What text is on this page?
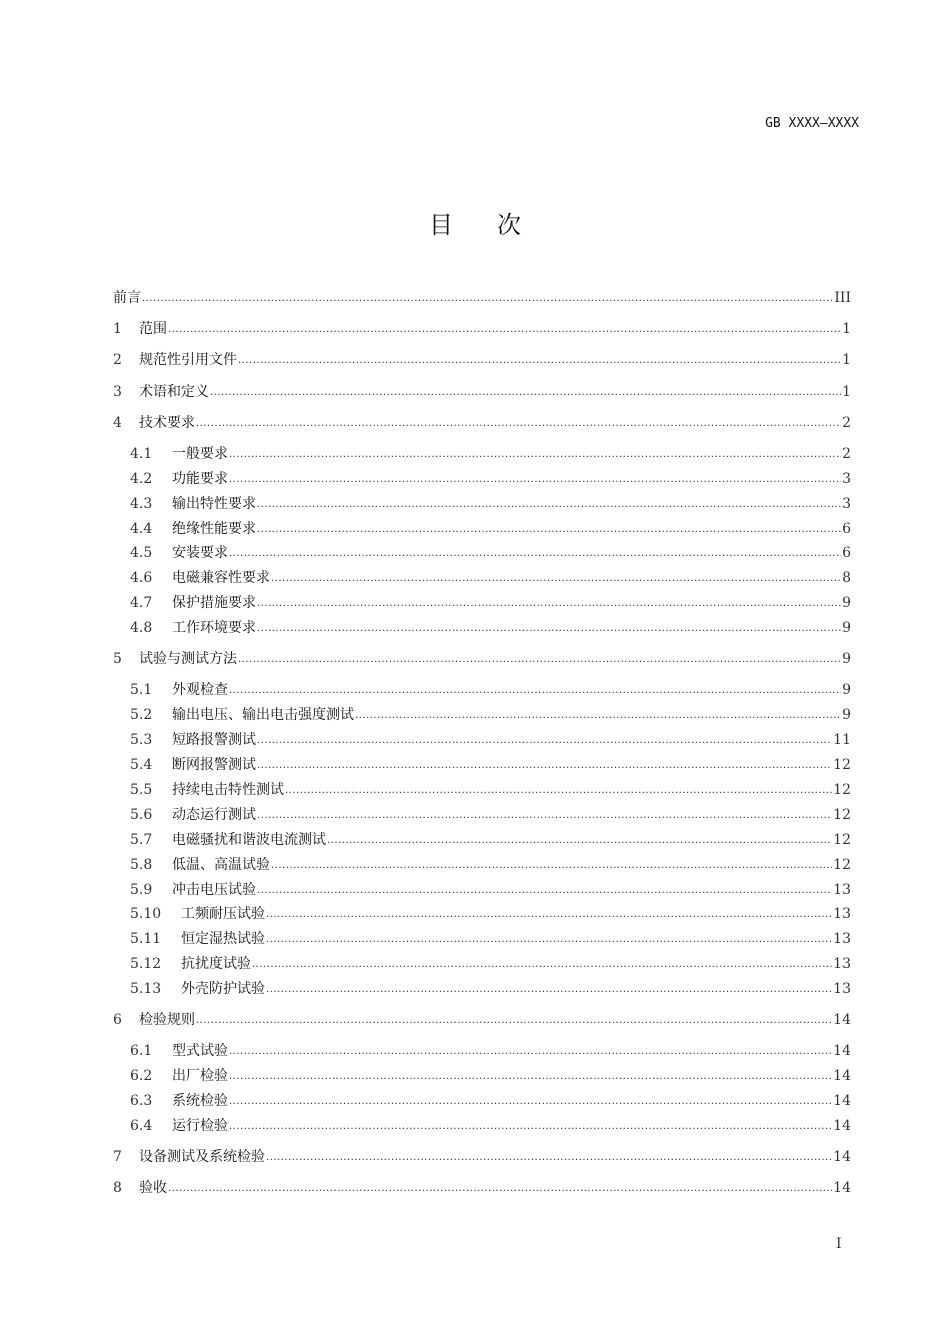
GB XXXX—XXXX
目 次
前言 .....	III
1	范围 .....	1
2	规范性引用文件 .....	1
3	术语和定义 .....	1
4	技术要求 .....	2
4.1	一般要求 .....	2
4.2	功能要求 .....	3
4.3	输出特性要求 .....	3
4.4	绝缘性能要求 .....	6
4.5	安装要求 .....	6
4.6	电磁兼容性要求 .....	8
4.7	保护措施要求 .....	9
4.8	工作环境要求 .....	9
5	试验与测试方法 .....	9
5.1	外观检查 .....	9
5.2	输出电压、输出电击强度测试 .....	9
5.3	短路报警测试 .....	11
5.4	断网报警测试 .....	12
5.5	持续电击特性测试 .....	12
5.6	动态运行测试 .....	12
5.7	电磁骚扰和谐波电流测试 .....	12
5.8	低温、高温试验 .....	12
5.9	冲击电压试验 .....	13
5.10	工频耐压试验 .....	13
5.11	恒定湿热试验 .....	13
5.12	抗扰度试验 .....	13
5.13	外壳防护试验 .....	13
6	检验规则 .....	14
6.1	型式试验 .....	14
6.2	出厂检验 .....	14
6.3	系统检验 .....	14
6.4	运行检验 .....	14
7	设备测试及系统检验 .....	14
8	验收 .....	14
I
